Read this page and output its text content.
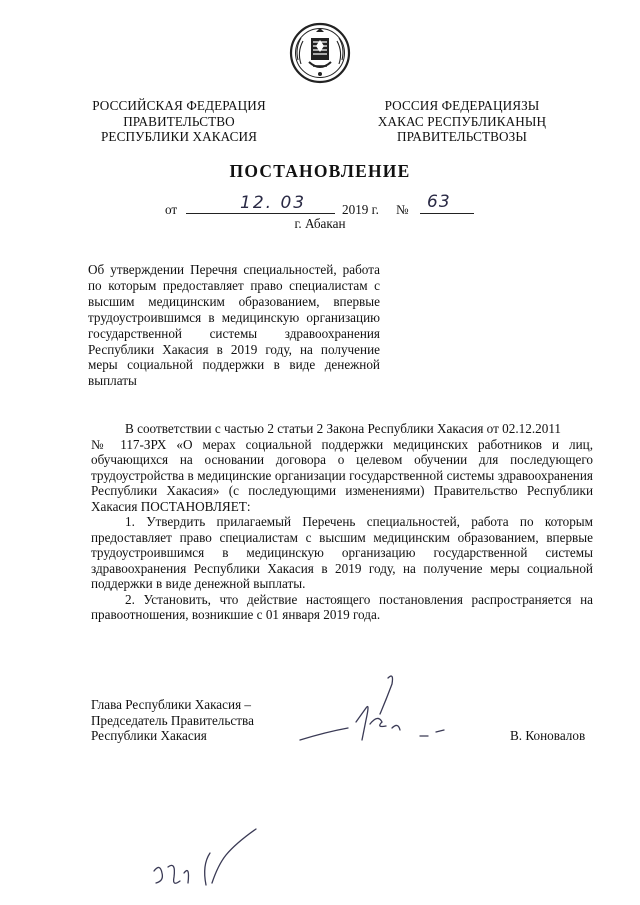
РОССИЙСКАЯ ФЕДЕРАЦИЯ
ПРАВИТЕЛЬСТВО
РЕСПУБЛИКИ ХАКАСИЯ
РОССИЯ ФЕДЕРАЦИЯЗЫ
ХАКАС РЕСПУБЛИКАНЫҢ
ПРАВИТЕЛЬСТВОЗЫ
ПОСТАНОВЛЕНИЕ
от	12. 03	2019 г. № 63
г. Абакан
Об утверждении Перечня специальностей, работа по которым предоставляет право специалистам с высшим медицинским образованием, впервые трудоустроившимся в медицинскую организацию государственной системы здравоохранения Республики Хакасия в 2019 году, на получение меры социальной поддержки в виде денежной выплаты

В соответствии с частью 2 статьи 2 Закона Республики Хакасия от 02.12.2011

№ 117-ЗРХ «О мерах социальной поддержки медицинских работников и лиц, обучающихся на основании договора о целевом обучении для последующего трудоустройства в медицинские организации государственной системы здравоохранения Республики Хакасия» (с последующими изменениями) Правительство Республики Хакасия ПОСТАНОВЛЯЕТ:

1. Утвердить прилагаемый Перечень специальностей, работа по которым предоставляет право специалистам с высшим медицинским образованием, впервые трудоустроившимся в медицинскую организацию государственной системы здравоохранения Республики Хакасия в 2019 году, на получение меры социальной поддержки в виде денежной выплаты.

2. Установить, что действие настоящего постановления распространяется на правоотношения, возникшие с 01 января 2019 года.

Глава Республики Хакасия –
Председатель Правительства
Республики Хакасия	В. Коновалов
